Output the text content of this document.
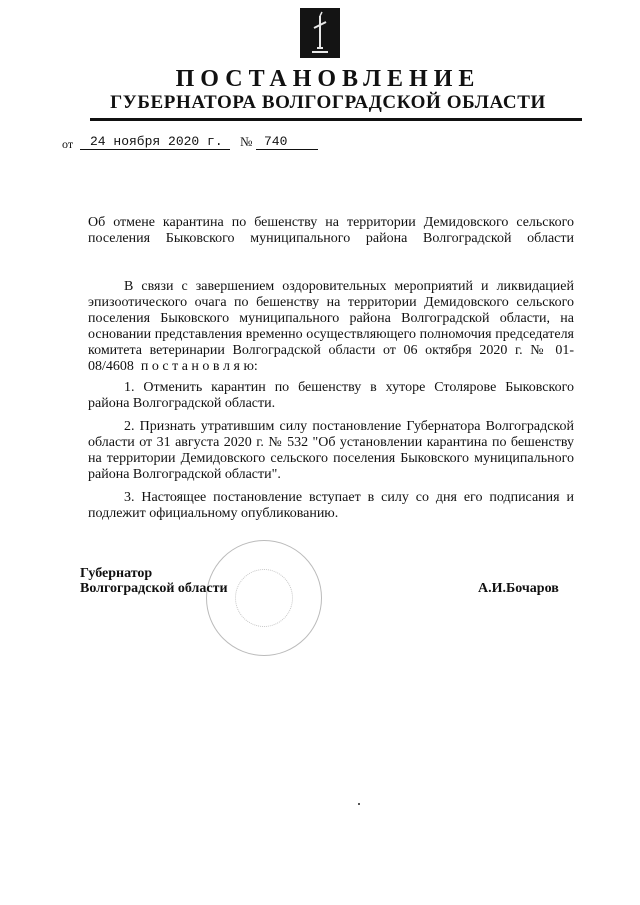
ПОСТАНОВЛЕНИЕ
ГУБЕРНАТОРА ВОЛГОГРАДСКОЙ ОБЛАСТИ
от 24 ноября 2020 г. № 740
Об отмене карантина по бешенству на территории Демидовского сельского поселения Быковского муниципального района Волгоградской области
В связи с завершением оздоровительных мероприятий и ликвидацией эпизоотического очага по бешенству на территории Демидовского сельского поселения Быковского муниципального района Волгоградской области, на основании представления временно осуществляющего полномочия председателя комитета ветеринарии Волгоградской области от 06 октября 2020 г. № 01-08/4608 п о с т а н о в л я ю:
1. Отменить карантин по бешенству в хуторе Столярове Быковского района Волгоградской области.
2. Признать утратившим силу постановление Губернатора Волгоградской области от 31 августа 2020 г. № 532 "Об установлении карантина по бешенству на территории Демидовского сельского поселения Быковского муниципального района Волгоградской области".
3. Настоящее постановление вступает в силу со дня его подписания и подлежит официальному опубликованию.
Губернатор
Волгоградской области	А.И.Бочаров
